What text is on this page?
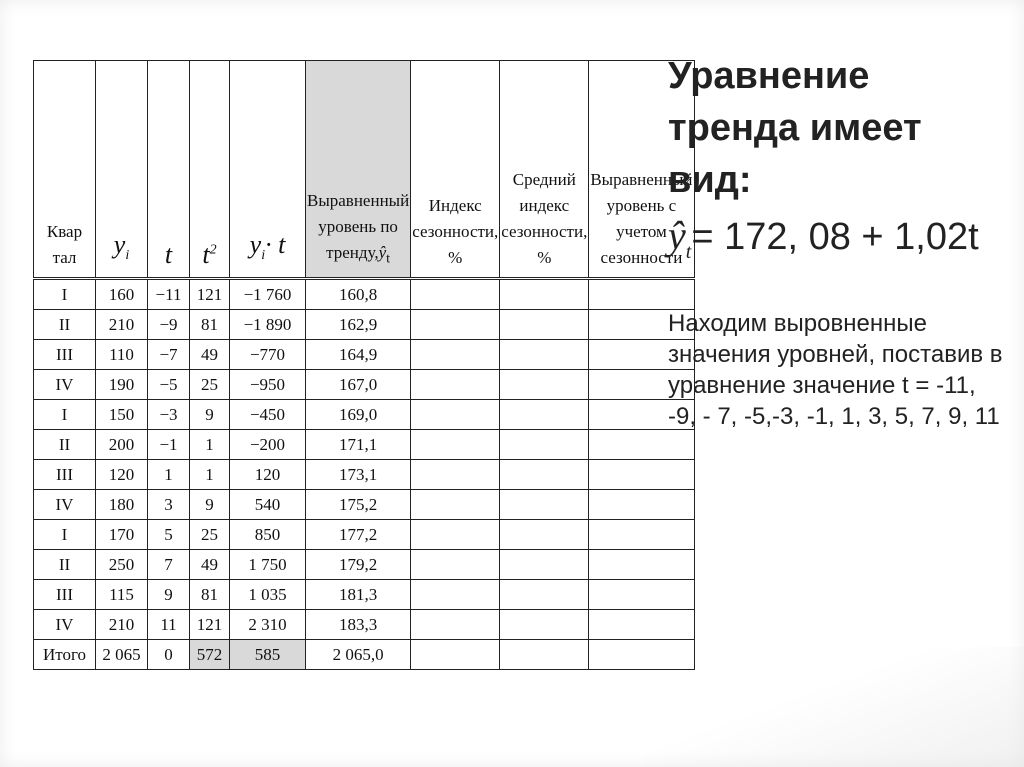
Квар тал	$y_i$	t	$t^2$	$y_i\cdot t$	Выравненный уровень по $тренду,ŷ_t$	Индекс сезонности, %	Средний индекс сезонности, %	Выравненный уровень с учетом сезонности

I	160	−11	121	−1 760	160,8			
II	210	−9	81	−1 890	162,9			
III	110	−7	49	−770	164,9			
IV	190	−5	25	−950	167,0			
I	150	−3	9	−450	169,0			
II	200	−1	1	−200	171,1			
III	120	1	1	120	173,1			
IV	180	3	9	540	175,2			
I	170	5	25	850	177,2			
II	250	7	49	1 750	179,2			
III	115	9	81	1 035	181,3			
IV	210	11	121	2 310	183,3			
Итого	2 065	0	572	585	2 065,0			
Уравнение тренда имеет вид:
$ŷ_t= 172$, 08 + 1,02t
Находим выровненные значения уровней, поставив в уравнение значение t = -11, -9, - 7, -5,-3, -1, 1, 3, 5, 7, 9, 11
